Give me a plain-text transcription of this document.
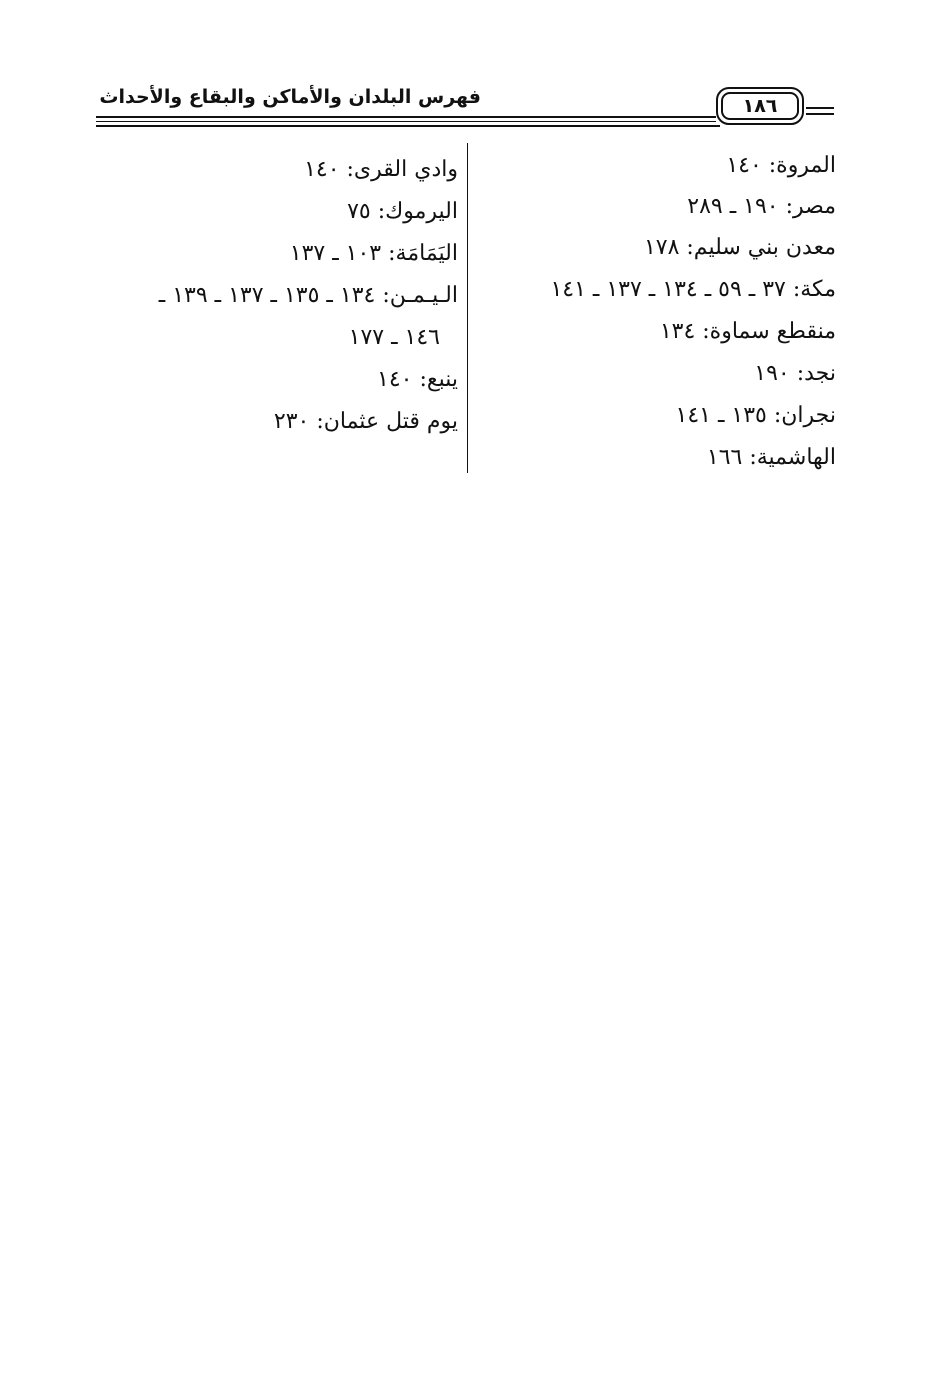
فهرس البلدان والأماكن والبقاع والأحداث	١٨٦
المروة: ١٤٠
مصر: ١٩٠ ـ ٢٨٩
معدن بني سليم: ١٧٨
مكة: ٣٧ ـ ٥٩ ـ ١٣٤ ـ ١٣٧ ـ ١٤١
منقطع سماوة: ١٣٤
نجد: ١٩٠
نجران: ١٣٥ ـ ١٤١
الهاشمية: ١٦٦
وادي القرى: ١٤٠
اليرموك: ٧٥
اليَمَامَة: ١٠٣ ـ ١٣٧
الـيـمـن: ١٣٤ ـ ١٣٥ ـ ١٣٧ ـ ١٣٩ ـ
١٤٦ ـ ١٧٧
ينبع: ١٤٠
يوم قتل عثمان: ٢٣٠
